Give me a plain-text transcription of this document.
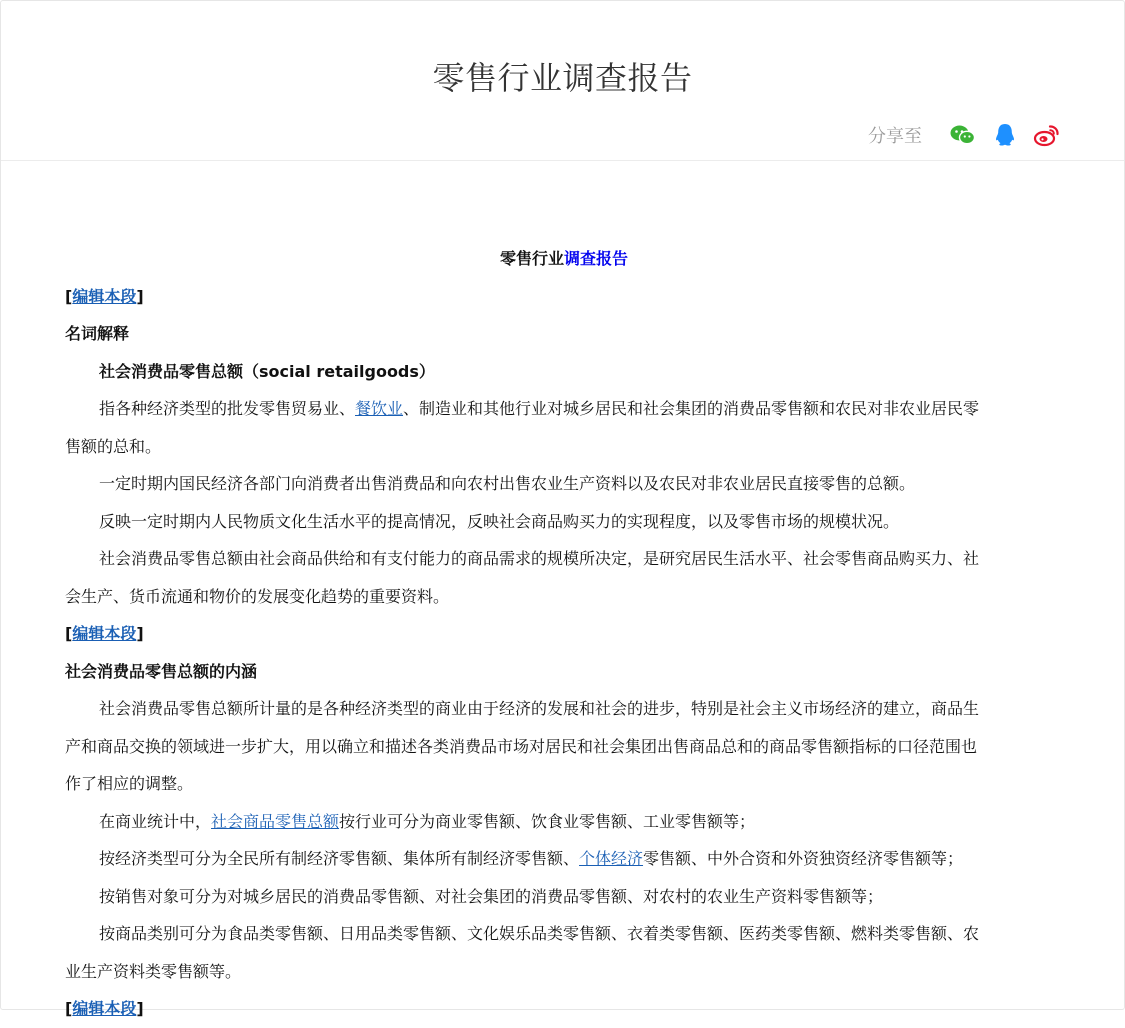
零售行业调查报告
分享至
零售行业调查报告
[编辑本段]
名词解释
社会消费品零售总额（social retailgoods）
指各种经济类型的批发零售贸易业、餐饮业、制造业和其他行业对城乡居民和社会集团的消费品零售额和农民对非农业居民零
售额的总和。
一定时期内国民经济各部门向消费者出售消费品和向农村出售农业生产资料以及农民对非农业居民直接零售的总额。
反映一定时期内人民物质文化生活水平的提高情况，反映社会商品购买力的实现程度，以及零售市场的规模状况。
社会消费品零售总额由社会商品供给和有支付能力的商品需求的规模所决定，是研究居民生活水平、社会零售商品购买力、社
会生产、货币流通和物价的发展变化趋势的重要资料。
[编辑本段]
社会消费品零售总额的内涵
社会消费品零售总额所计量的是各种经济类型的商业由于经济的发展和社会的进步，特别是社会主义市场经济的建立，商品生
产和商品交换的领域进一步扩大，用以确立和描述各类消费品市场对居民和社会集团出售商品总和的商品零售额指标的口径范围也
作了相应的调整。
在商业统计中，社会商品零售总额按行业可分为商业零售额、饮食业零售额、工业零售额等；
按经济类型可分为全民所有制经济零售额、集体所有制经济零售额、个体经济零售额、中外合资和外资独资经济零售额等；
按销售对象可分为对城乡居民的消费品零售额、对社会集团的消费品零售额、对农村的农业生产资料零售额等；
按商品类别可分为食品类零售额、日用品类零售额、文化娱乐品类零售额、衣着类零售额、医药类零售额、燃料类零售额、农
业生产资料类零售额等。
[编辑本段]
